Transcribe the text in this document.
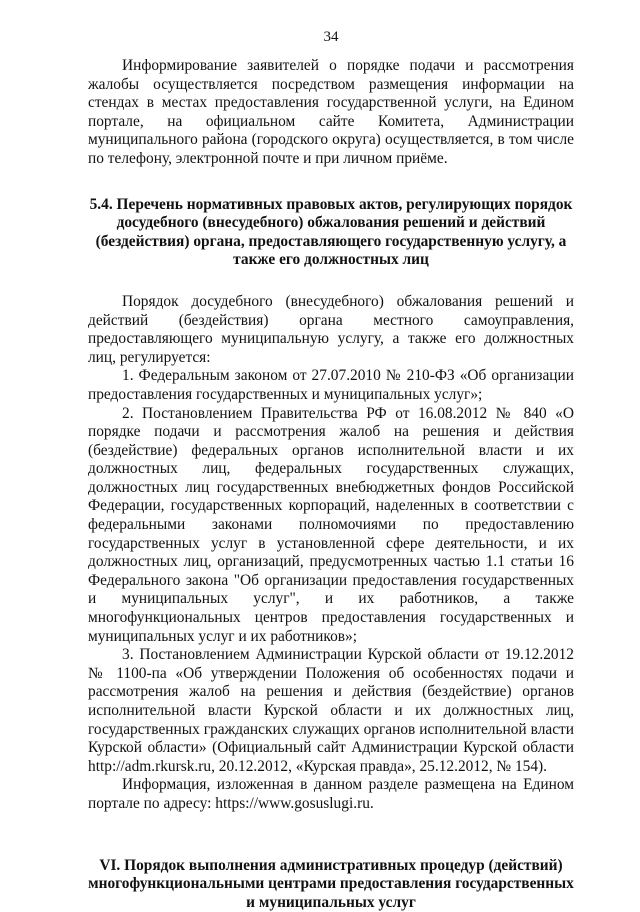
34

Информирование заявителей о порядке подачи и рассмотрения жалобы осуществляется посредством размещения информации на стендах в местах предоставления государственной услуги, на Едином портале, на официальном сайте Комитета, Администрации муниципального района (городского округа) осуществляется, в том числе по телефону, электронной почте и при личном приёме.

5.4. Перечень нормативных правовых актов, регулирующих порядок досудебного (внесудебного) обжалования решений и действий (бездействия) органа, предоставляющего государственную услугу, а также его должностных лиц

Порядок досудебного (внесудебного) обжалования решений и действий (бездействия) органа местного самоуправления, предоставляющего муниципальную услугу, а также его должностных лиц, регулируется:

1. Федеральным законом от 27.07.2010 № 210-ФЗ «Об организации предоставления государственных и муниципальных услуг»;

2. Постановлением Правительства РФ от 16.08.2012 № 840 «О порядке подачи и рассмотрения жалоб на решения и действия (бездействие) федеральных органов исполнительной власти и их должностных лиц, федеральных государственных служащих, должностных лиц государственных внебюджетных фондов Российской Федерации, государственных корпораций, наделенных в соответствии с федеральными законами полномочиями по предоставлению государственных услуг в установленной сфере деятельности, и их должностных лиц, организаций, предусмотренных частью 1.1 статьи 16 Федерального закона "Об организации предоставления государственных и муниципальных услуг", и их работников, а также многофункциональных центров предоставления государственных и муниципальных услуг и их работников»;

3. Постановлением Администрации Курской области от 19.12.2012 № 1100-па «Об утверждении Положения об особенностях подачи и рассмотрения жалоб на решения и действия (бездействие) органов исполнительной власти Курской области и их должностных лиц, государственных гражданских служащих органов исполнительной власти Курской области» (Официальный сайт Администрации Курской области http://adm.rkursk.ru, 20.12.2012, «Курская правда», 25.12.2012, № 154).

Информация, изложенная в данном разделе размещена на Едином портале по адресу: https://www.gosuslugi.ru.

VI. Порядок выполнения административных процедур (действий) многофункциональными центрами предоставления государственных и муниципальных услуг
